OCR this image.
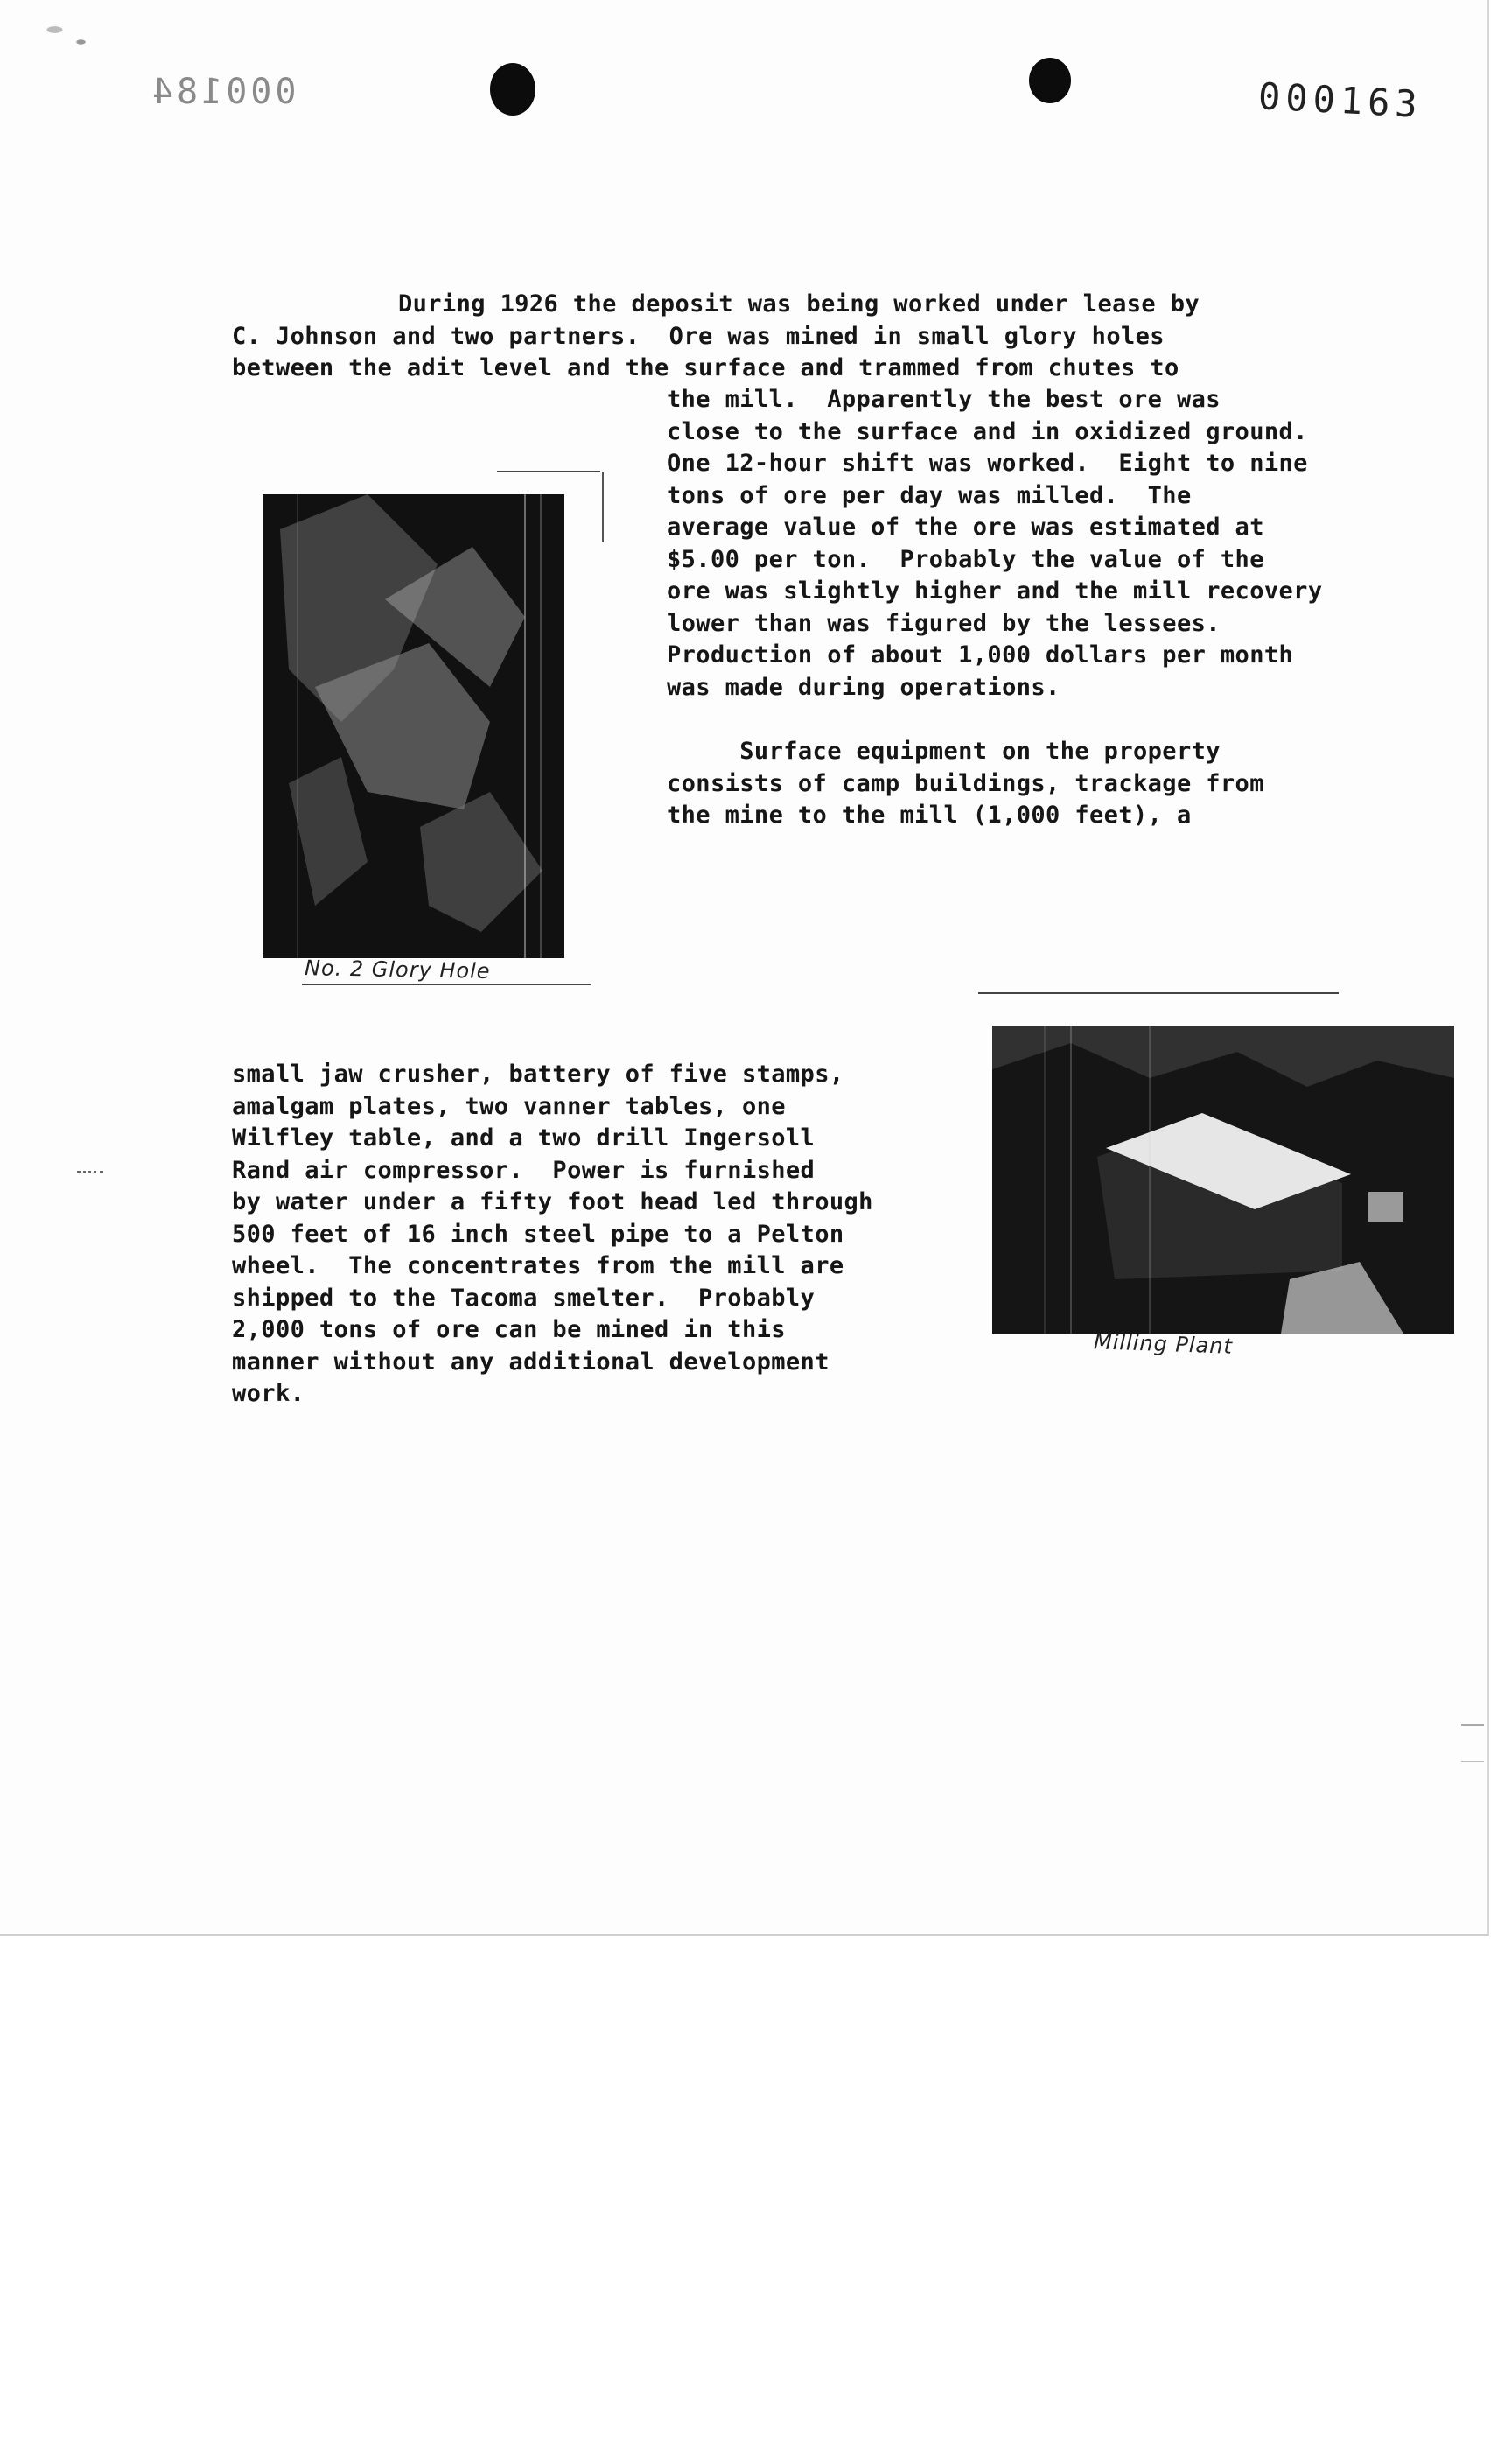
000184	000163
During 1926 the deposit was being worked under lease by
C. Johnson and two partners.  Ore was mined in small glory holes
between the adit level and the surface and trammed from chutes to
the mill.  Apparently the best ore was
close to the surface and in oxidized ground.
One 12-hour shift was worked.  Eight to nine
tons of ore per day was milled.  The
average value of the ore was estimated at
$5.00 per ton.  Probably the value of the
ore was slightly higher and the mill recovery
lower than was figured by the lessees.
Production of about 1,000 dollars per month
was made during operations.
Surface equipment on the property
consists of camp buildings, trackage from
the mine to the mill (1,000 feet), a
small jaw crusher, battery of five stamps,
amalgam plates, two vanner tables, one
Wilfley table, and a two drill Ingersoll
Rand air compressor.  Power is furnished
by water under a fifty foot head led through
500 feet of 16 inch steel pipe to a Pelton
wheel.  The concentrates from the mill are
shipped to the Tacoma smelter.  Probably
2,000 tons of ore can be mined in this
manner without any additional development
work.
No. 2 Glory Hole
Milling Plant
